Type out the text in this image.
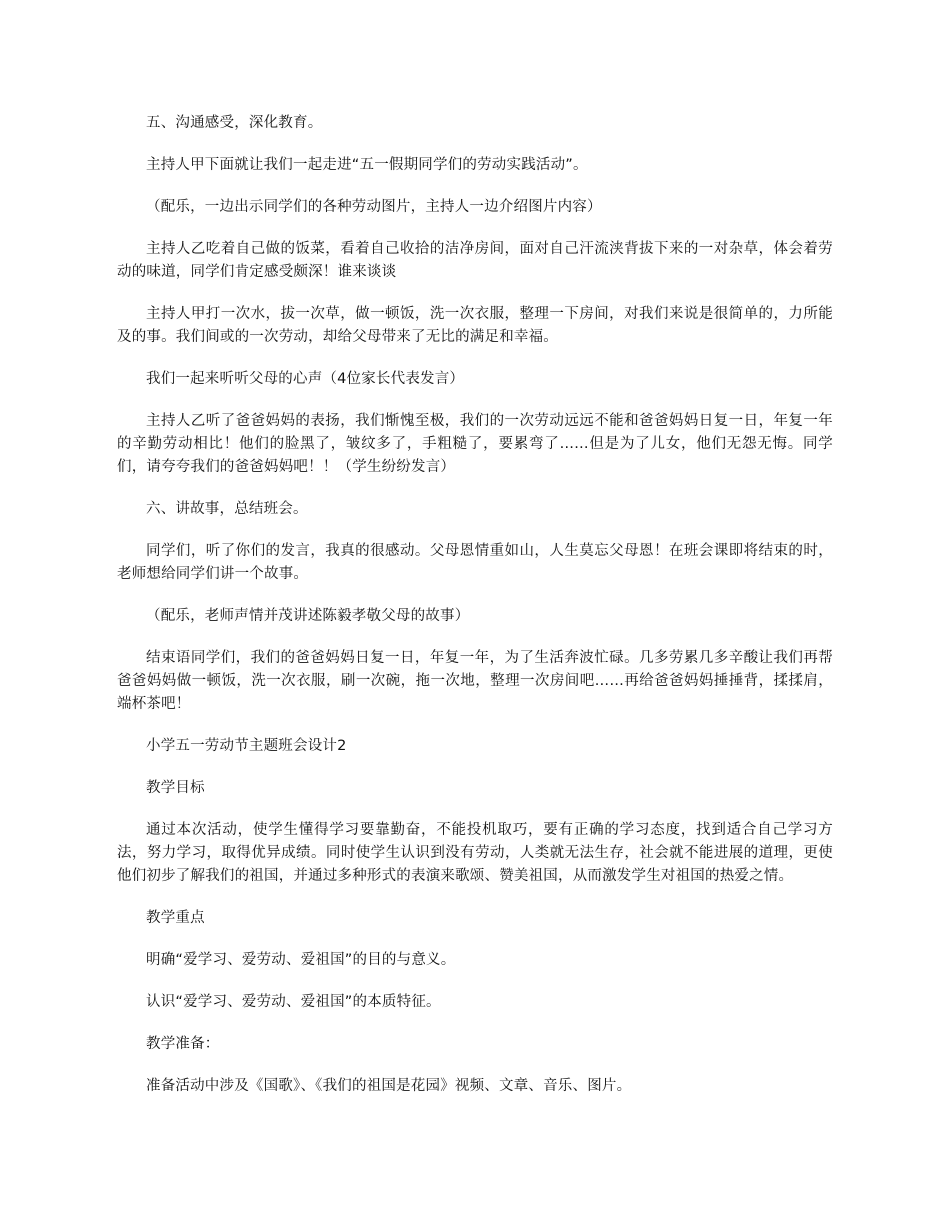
五、沟通感受，深化教育。

主持人甲下面就让我们一起走进“五一假期同学们的劳动实践活动”。

（配乐，一边出示同学们的各种劳动图片，主持人一边介绍图片内容）

主持人乙吃着自己做的饭菜，看着自己收拾的洁净房间，面对自己汗流浃背拔下来的一对杂草，体会着劳动的味道，同学们肯定感受颇深！谁来谈谈

主持人甲打一次水，拔一次草，做一顿饭，洗一次衣服，整理一下房间，对我们来说是很简单的，力所能及的事。我们间或的一次劳动，却给父母带来了无比的满足和幸福。

我们一起来听听父母的心声（4位家长代表发言）

主持人乙听了爸爸妈妈的表扬，我们惭愧至极，我们的一次劳动远远不能和爸爸妈妈日复一日，年复一年的辛勤劳动相比！他们的脸黑了，皱纹多了，手粗糙了，要累弯了……但是为了儿女，他们无怨无悔。同学们，请夸夸我们的爸爸妈妈吧！！（学生纷纷发言）

六、讲故事，总结班会。

同学们，听了你们的发言，我真的很感动。父母恩情重如山，人生莫忘父母恩！在班会课即将结束的时，老师想给同学们讲一个故事。

（配乐，老师声情并茂讲述陈毅孝敬父母的故事）

结束语同学们，我们的爸爸妈妈日复一日，年复一年，为了生活奔波忙碌。几多劳累几多辛酸让我们再帮爸爸妈妈做一顿饭，洗一次衣服，刷一次碗，拖一次地，整理一次房间吧……再给爸爸妈妈捶捶背，揉揉肩，端杯茶吧！

小学五一劳动节主题班会设计2

教学目标

通过本次活动，使学生懂得学习要靠勤奋，不能投机取巧，要有正确的学习态度，找到适合自己学习方法，努力学习，取得优异成绩。同时使学生认识到没有劳动，人类就无法生存，社会就不能进展的道理，更使他们初步了解我们的祖国，并通过多种形式的表演来歌颂、赞美祖国，从而激发学生对祖国的热爱之情。

教学重点

明确“爱学习、爱劳动、爱祖国”的目的与意义。

认识“爱学习、爱劳动、爱祖国”的本质特征。

教学准备：

准备活动中涉及《国歌》、《我们的祖国是花园》视频、文章、音乐、图片。
